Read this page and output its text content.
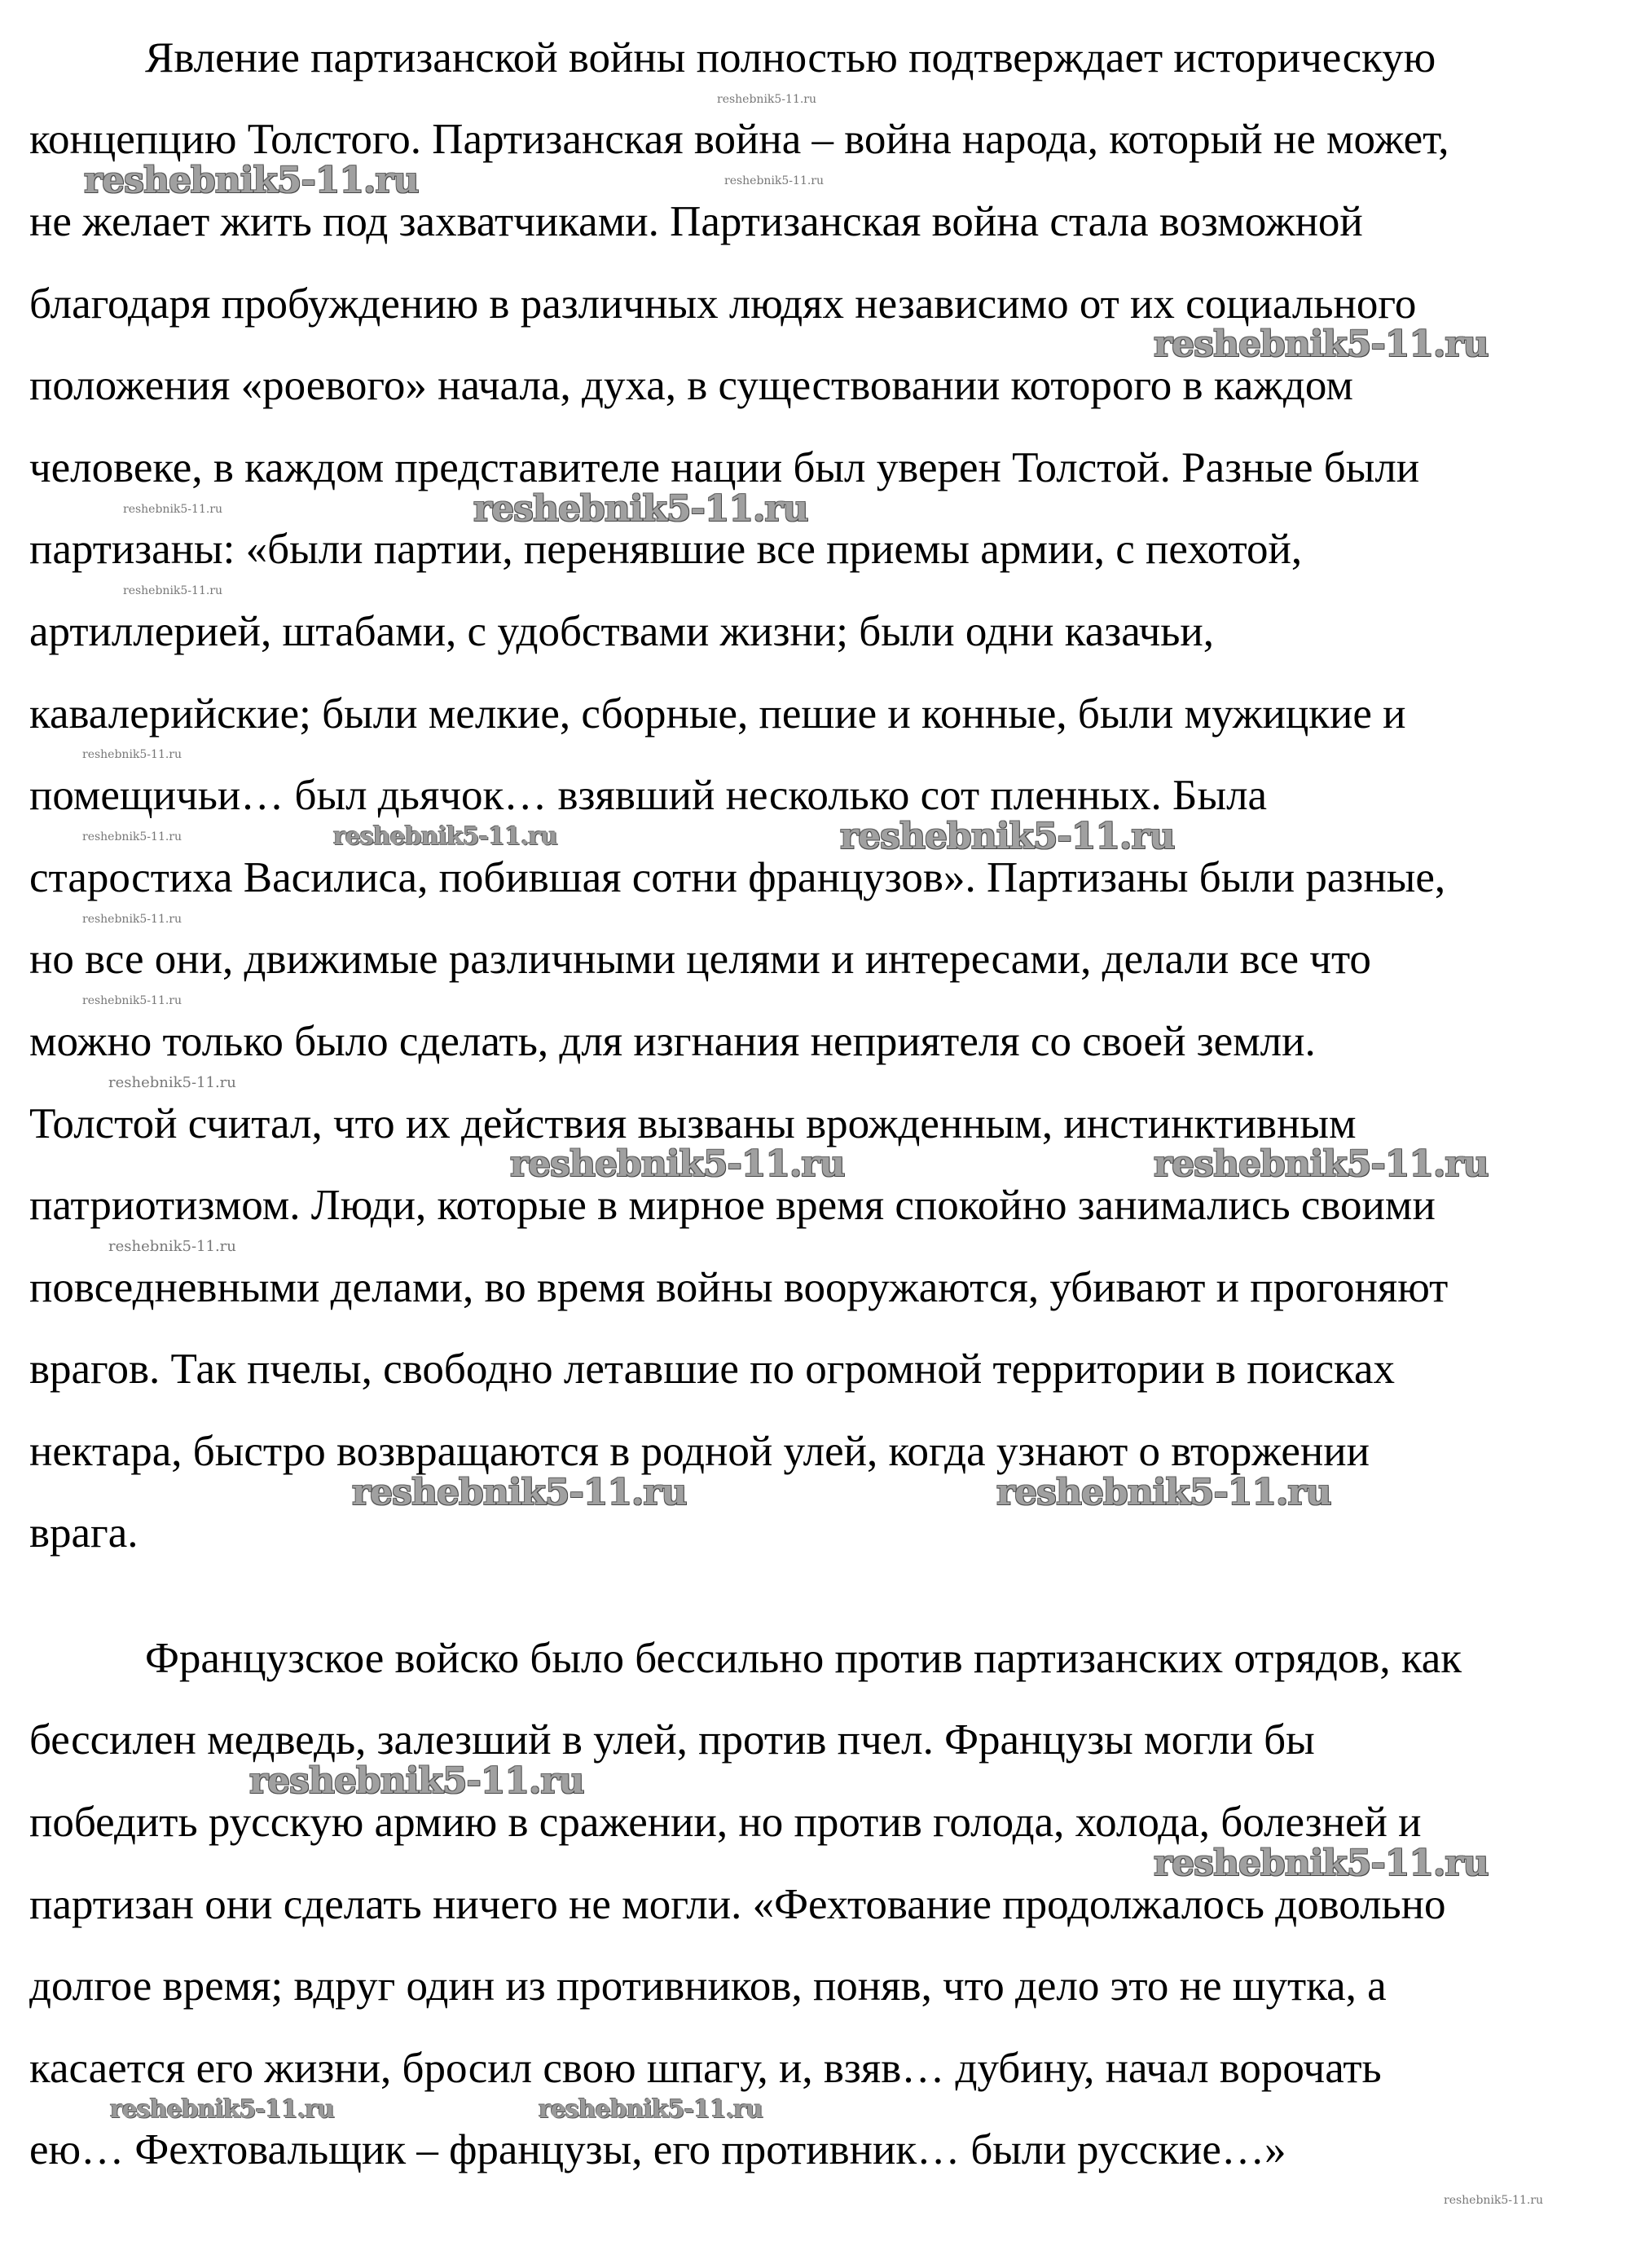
Явление партизанской войны полностью подтверждает историческую
концепцию Толстого. Партизанская война – война народа, который не может,
не желает жить под захватчиками. Партизанская война стала возможной
благодаря пробуждению в различных людях независимо от их социального
положения «роевого» начала, духа, в существовании которого в каждом
человеке, в каждом представителе нации был уверен Толстой. Разные были
партизаны: «были партии, перенявшие все приемы армии, с пехотой,
артиллерией, штабами, с удобствами жизни; были одни казачьи,
кавалерийские; были мелкие, сборные, пешие и конные, были мужицкие и
помещичьи… был дьячок… взявший несколько сот пленных. Была
старостиха Василиса, побившая сотни французов». Партизаны были разные,
но все они, движимые различными целями и интересами, делали все что
можно только было сделать, для изгнания неприятеля со своей земли.
Толстой считал, что их действия вызваны врожденным, инстинктивным
патриотизмом. Люди, которые в мирное время спокойно занимались своими
повседневными делами, во время войны вооружаются, убивают и прогоняют
врагов. Так пчелы, свободно летавшие по огромной территории в поисках
нектара, быстро возвращаются в родной улей, когда узнают о вторжении
врага.
Французское войско было бессильно против партизанских отрядов, как
бессилен медведь, залезший в улей, против пчел. Французы могли бы
победить русскую армию в сражении, но против голода, холода, болезней и
партизан они сделать ничего не могли. «Фехтование продолжалось довольно
долгое время; вдруг один из противников, поняв, что дело это не шутка, а
касается его жизни, бросил свою шпагу, и, взяв… дубину, начал ворочать
ею… Фехтовальщик – французы, его противник… были русские…»
reshebnik5-11.ru
reshebnik5-11.ru
reshebnik5-11.ru
reshebnik5-11.ru	reshebnik5-11.ru
reshebnik5-11.ru	reshebnik5-11.ru
reshebnik5-11.ru	reshebnik5-11.ru
reshebnik5-11.ru
reshebnik5-11.ru
reshebnik5-11.ru	reshebnik5-11.ru
reshebnik5-11.ru
reshebnik5-11.ru
reshebnik5-11.ru
reshebnik5-11.ru
reshebnik5-11.ru
reshebnik5-11.ru
reshebnik5-11.ru
reshebnik5-11.ru
reshebnik5-11.ru
reshebnik5-11.ru
reshebnik5-11.ru
